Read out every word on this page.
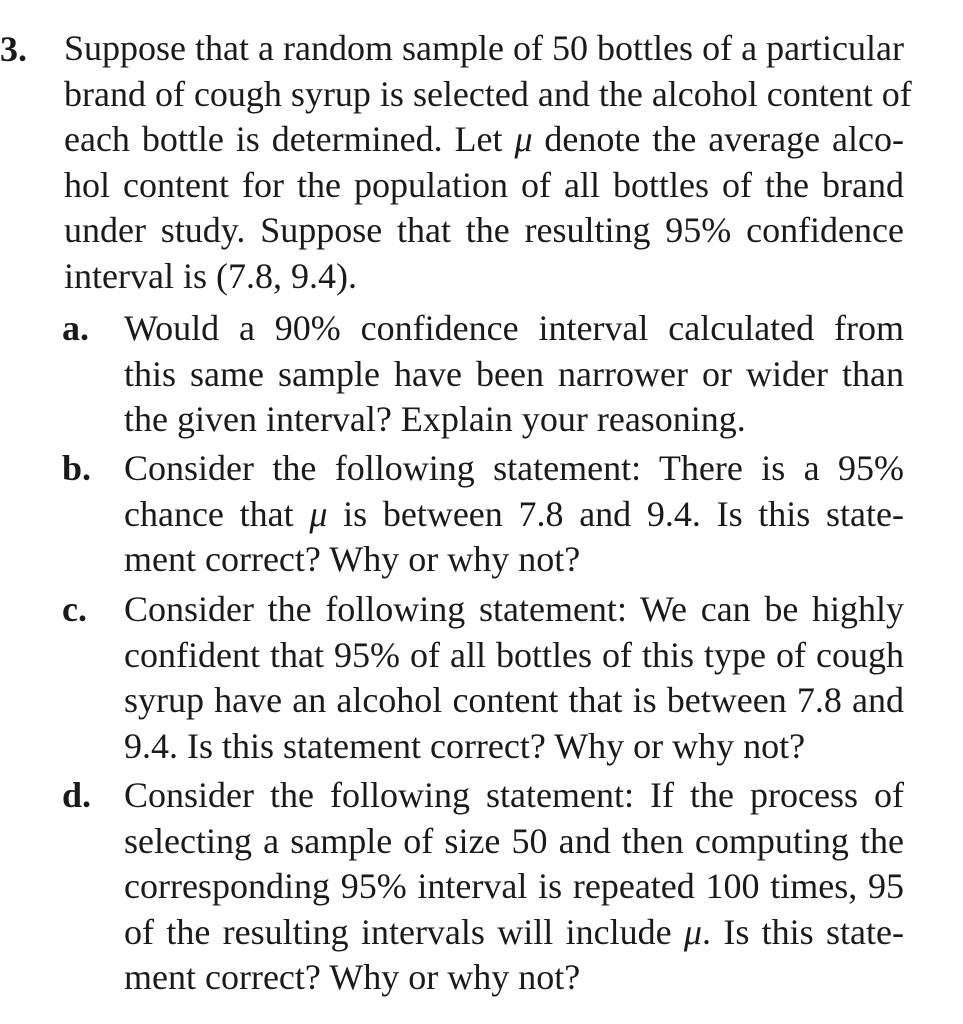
3. Suppose that a random sample of 50 bottles of a particular
brand of cough syrup is selected and the alcohol content of
each bottle is determined. Let μ denote the average alco-
hol content for the population of all bottles of the brand
under study. Suppose that the resulting 95% confidence
interval is (7.8, 9.4).
a. Would a 90% confidence interval calculated from
this same sample have been narrower or wider than
the given interval? Explain your reasoning.
b. Consider the following statement: There is a 95%
chance that μ is between 7.8 and 9.4. Is this state-
ment correct? Why or why not?
c.	Consider the following statement: We can be highly
confident that 95% of all bottles of this type of cough
syrup have an alcohol content that is between 7.8 and
9.4. Is this statement correct? Why or why not?
d. Consider the following statement: If the process of
selecting a sample of size 50 and then computing the
corresponding 95% interval is repeated 100 times, 95
of the resulting intervals will include μ. Is this state-
ment correct? Why or why not?
